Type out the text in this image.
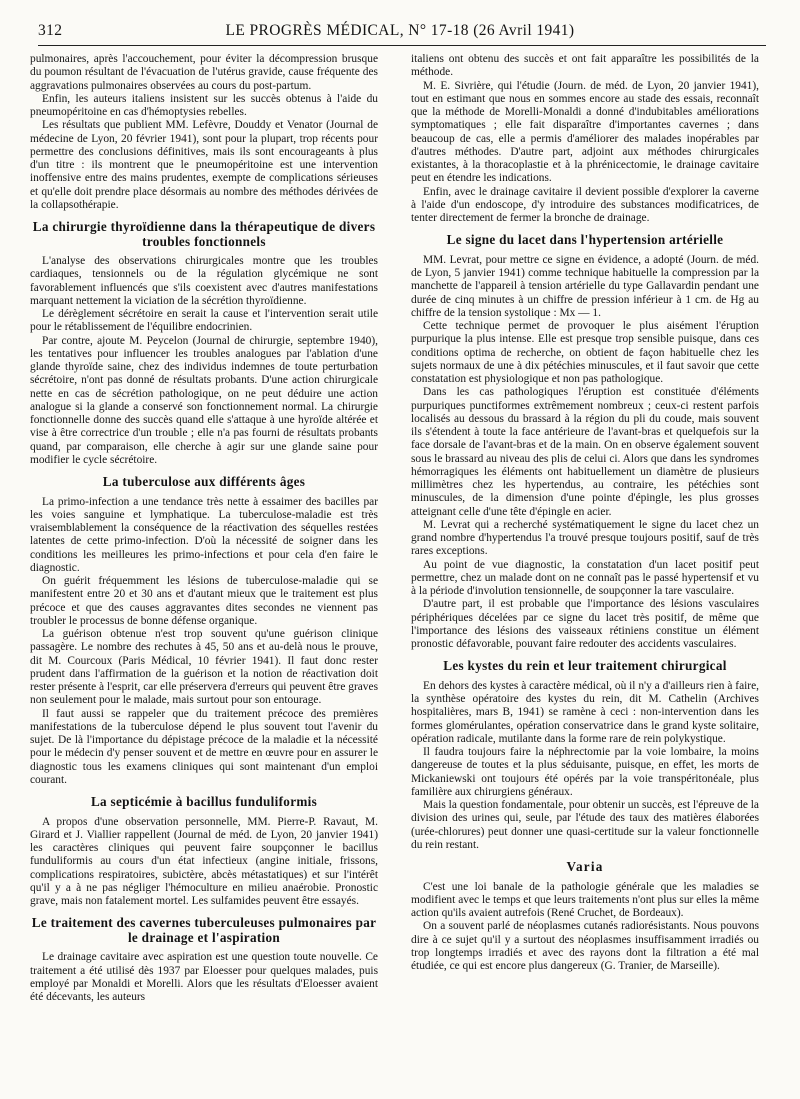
312	LE PROGRÈS MÉDICAL, N° 17-18 (26 Avril 1941)

pulmonaires, après l'accouchement, pour éviter la décompression brusque du poumon résultant de l'évacuation de l'utérus gravide, cause fréquente des aggravations pulmonaires observées au cours du post-partum.

Enfin, les auteurs italiens insistent sur les succès obtenus à l'aide du pneumopéritoine en cas d'hémoptysies rebelles.

Les résultats que publient MM. Lefèvre, Douddy et Venator (Journal de médecine de Lyon, 20 février 1941), sont pour la plupart, trop récents pour permettre des conclusions définitives, mais ils sont encourageants à plus d'un titre : ils montrent que le pneumopéritoine est une intervention inoffensive entre des mains prudentes, exempte de complications sérieuses et qu'elle doit prendre place désormais au nombre des méthodes dérivées de la collapsothérapie.

La chirurgie thyroïdienne dans la thérapeutique de divers troubles fonctionnels

L'analyse des observations chirurgicales montre que les troubles cardiaques, tensionnels ou de la régulation glycémique ne sont favorablement influencés que s'ils coexistent avec d'autres manifestations marquant nettement la viciation de la sécrétion thyroïdienne.

Le dérèglement sécrétoire en serait la cause et l'intervention serait utile pour le rétablissement de l'équilibre endocrinien.

Par contre, ajoute M. Peycelon (Journal de chirurgie, septembre 1940), les tentatives pour influencer les troubles analogues par l'ablation d'une glande thyroïde saine, chez des individus indemnes de toute perturbation sécrétoire, n'ont pas donné de résultats probants. D'une action chirurgicale nette en cas de sécrétion pathologique, on ne peut déduire une action analogue si la glande a conservé son fonctionnement normal. La chirurgie fonctionnelle donne des succès quand elle s'attaque à une hyroïde altérée et vise à être correctrice d'un trouble ; elle n'a pas fourni de résultats probants quand, par comparaison, elle cherche à agir sur une glande saine pour modifier le cycle sécrétoire.

La tuberculose aux différents âges

La primo-infection a une tendance très nette à essaimer des bacilles par les voies sanguine et lymphatique. La tuberculose-maladie est très vraisemblablement la conséquence de la réactivation des séquelles restées latentes de cette primo-infection. D'où la nécessité de soigner dans les conditions les meilleures les primo-infections et pour cela d'en faire le diagnostic.

On guérit fréquemment les lésions de tuberculose-maladie qui se manifestent entre 20 et 30 ans et d'autant mieux que le traitement est plus précoce et que des causes aggravantes dites secondes ne viennent pas troubler le processus de bonne défense organique.

La guérison obtenue n'est trop souvent qu'une guérison clinique passagère. Le nombre des rechutes à 45, 50 ans et au-delà nous le prouve, dit M. Courcoux (Paris Médical, 10 février 1941). Il faut donc rester prudent dans l'affirmation de la guérison et la notion de réactivation doit rester présente à l'esprit, car elle préservera d'erreurs qui peuvent être graves non seulement pour le malade, mais surtout pour son entourage.

Il faut aussi se rappeler que du traitement précoce des premières manifestations de la tuberculose dépend le plus souvent tout l'avenir du sujet. De là l'importance du dépistage précoce de la maladie et la nécessité pour le médecin d'y penser souvent et de mettre en œuvre pour en assurer le diagnostic tous les examens cliniques qui sont maintenant d'un emploi courant.

La septicémie à bacillus funduliformis

A propos d'une observation personnelle, MM. Pierre-P. Ravaut, M. Girard et J. Viallier rappellent (Journal de méd. de Lyon, 20 janvier 1941) les caractères cliniques qui peuvent faire soupçonner le bacillus funduliformis au cours d'un état infectieux (angine initiale, frissons, complications respiratoires, subictère, abcès métastatiques) et sur l'intérêt qu'il y a à ne pas négliger l'hémoculture en milieu anaérobie. Pronostic grave, mais non fatalement mortel. Les sulfamides peuvent être essayés.

Le traitement des cavernes tuberculeuses pulmonaires par le drainage et l'aspiration

Le drainage cavitaire avec aspiration est une question toute nouvelle. Ce traitement a été utilisé dès 1937 par Eloesser pour quelques malades, puis employé par Monaldi et Morelli. Alors que les résultats d'Eloesser avaient été décevants, les auteurs

italiens ont obtenu des succès et ont fait apparaître les possibilités de la méthode.

M. E. Sivrière, qui l'étudie (Journ. de méd. de Lyon, 20 janvier 1941), tout en estimant que nous en sommes encore au stade des essais, reconnaît que la méthode de Morelli-Monaldi a donné d'indubitables améliorations symptomatiques ; elle fait disparaître d'importantes cavernes ; dans beaucoup de cas, elle a permis d'améliorer des malades inopérables par d'autres méthodes. D'autre part, adjoint aux méthodes chirurgicales existantes, à la thoracoplastie et à la phrénicectomie, le drainage cavitaire peut en étendre les indications.

Enfin, avec le drainage cavitaire il devient possible d'explorer la caverne à l'aide d'un endoscope, d'y introduire des substances modificatrices, de tenter directement de fermer la bronche de drainage.

Le signe du lacet dans l'hypertension artérielle

MM. Levrat, pour mettre ce signe en évidence, a adopté (Journ. de méd. de Lyon, 5 janvier 1941) comme technique habituelle la compression par la manchette de l'appareil à tension artérielle du type Gallavardin pendant une durée de cinq minutes à un chiffre de pression inférieur à 1 cm. de Hg au chiffre de la tension systolique : Mx — 1.

Cette technique permet de provoquer le plus aisément l'éruption purpurique la plus intense. Elle est presque trop sensible puisque, dans ces conditions optima de recherche, on obtient de façon habituelle chez les sujets normaux de une à dix pétéchies minuscules, et il faut savoir que cette constatation est physiologique et non pas pathologique.

Dans les cas pathologiques l'éruption est constituée d'éléments purpuriques punctiformes extrêmement nombreux ; ceux-ci restent parfois localisés au dessous du brassard à la région du pli du coude, mais souvent ils s'étendent à toute la face antérieure de l'avant-bras et quelquefois sur la face dorsale de l'avant-bras et de la main. On en observe également souvent sous le brassard au niveau des plis de celui ci. Alors que dans les syndromes hémorragiques les éléments ont habituellement un diamètre de plusieurs millimètres chez les hypertendus, au contraire, les pétéchies sont minuscules, de la dimension d'une pointe d'épingle, les plus grosses atteignant celle d'une tête d'épingle en acier.

M. Levrat qui a recherché systématiquement le signe du lacet chez un grand nombre d'hypertendus l'a trouvé presque toujours positif, sauf de très rares exceptions.

Au point de vue diagnostic, la constatation d'un lacet positif peut permettre, chez un malade dont on ne connaît pas le passé hypertensif et vu à la période d'involution tensionnelle, de soupçonner la tare vasculaire.

D'autre part, il est probable que l'importance des lésions vasculaires périphériques décelées par ce signe du lacet très positif, de même que l'importance des lésions des vaisseaux rétiniens constitue un élément pronostic défavorable, pouvant faire redouter des accidents vasculaires.

Les kystes du rein et leur traitement chirurgical

En dehors des kystes à caractère médical, où il n'y a d'ailleurs rien à faire, la synthèse opératoire des kystes du rein, dit M. Cathelin (Archives hospitalières, mars B, 1941) se ramène à ceci : non-intervention dans les formes glomérulantes, opération conservatrice dans le grand kyste solitaire, opération radicale, mutilante dans la forme rare de rein polykystique.

Il faudra toujours faire la néphrectomie par la voie lombaire, la moins dangereuse de toutes et la plus séduisante, puisque, en effet, les morts de Mickaniewski ont toujours été opérés par la voie transpéritonéale, plus familière aux chirurgiens généraux.

Mais la question fondamentale, pour obtenir un succès, est l'épreuve de la division des urines qui, seule, par l'étude des taux des matières élaborées (urée-chlorures) peut donner une quasi-certitude sur la valeur fonctionnelle du rein restant.

Varia

C'est une loi banale de la pathologie générale que les maladies se modifient avec le temps et que leurs traitements n'ont plus sur elles la même action qu'ils avaient autrefois (René Cruchet, de Bordeaux).

On a souvent parlé de néoplasmes cutanés radiorésistants. Nous pouvons dire à ce sujet qu'il y a surtout des néoplasmes insuffisamment irradiés ou trop longtemps irradiés et avec des rayons dont la filtration a été mal étudiée, ce qui est encore plus dangereux (G. Tranier, de Marseille).
